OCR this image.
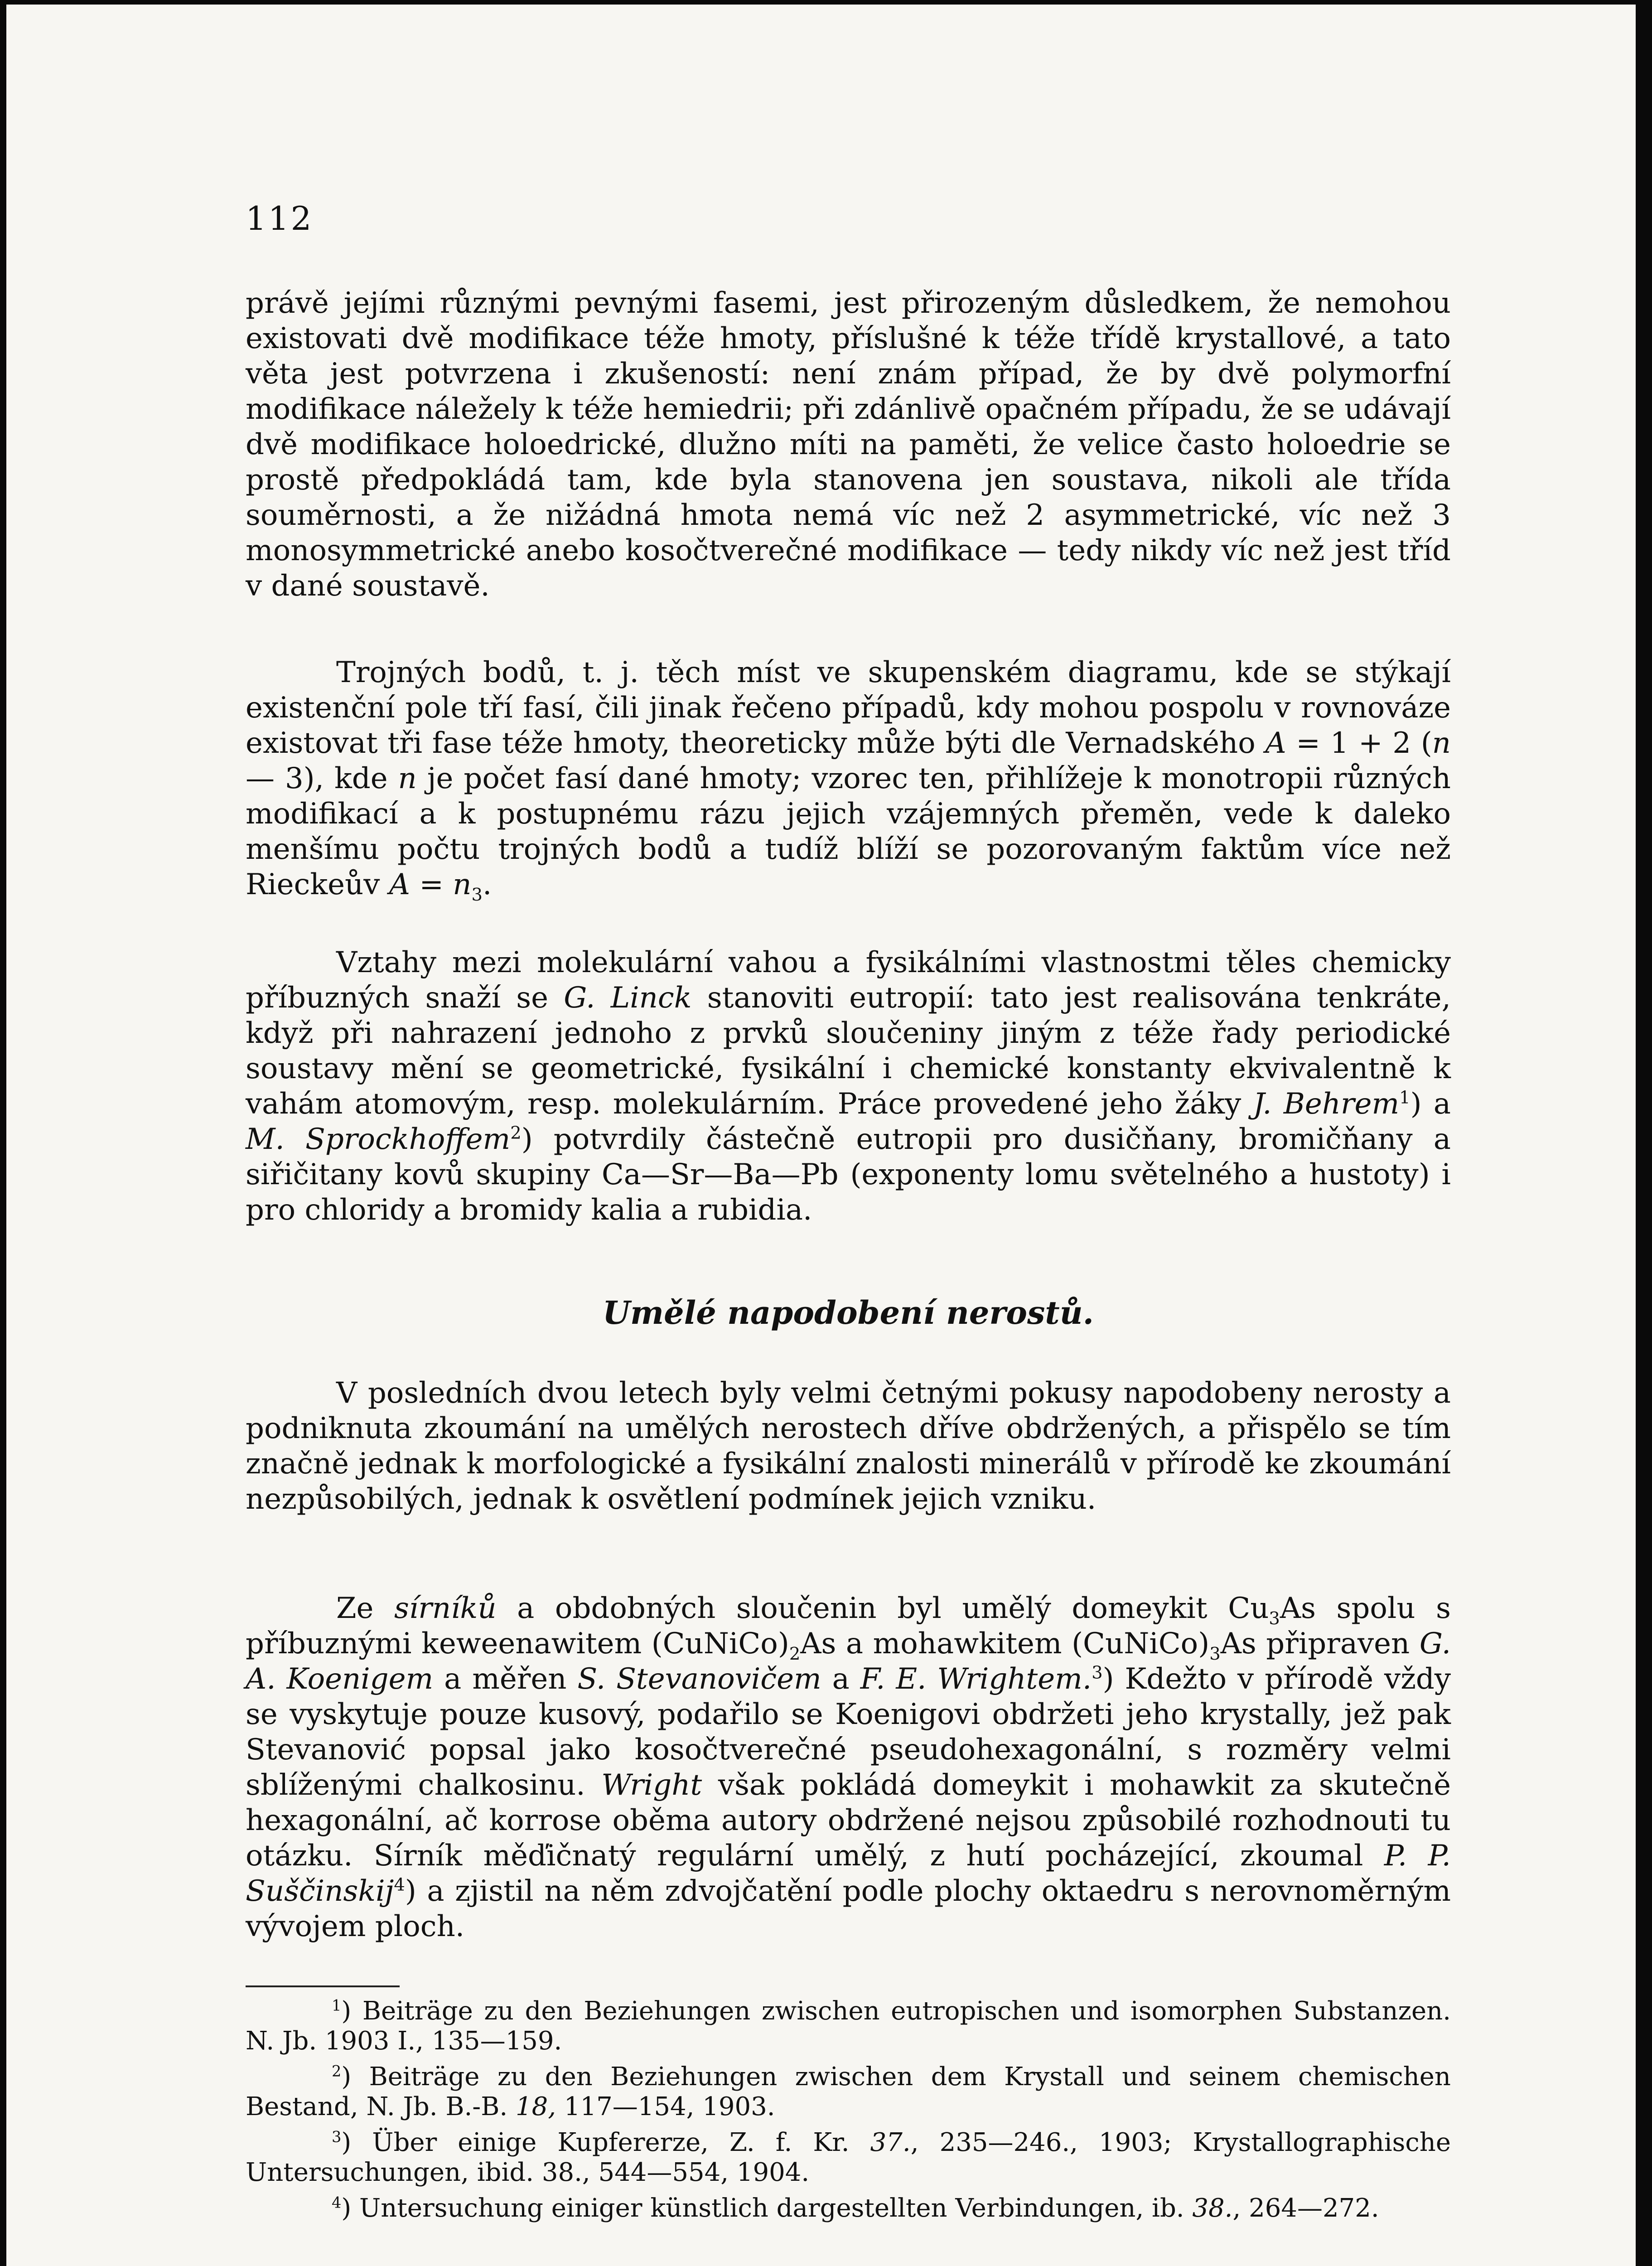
112

právě jejími různými pevnými fasemi, jest přirozeným důsledkem, že nemohou existovati dvě modifikace téže hmoty, příslušné k téže třídě krystallové, a tato věta jest potvrzena i zkušeností: není znám případ, že by dvě polymorfní modifikace náležely k téže hemiedrii; při zdánlivě opačném případu, že se udávají dvě modifikace holoedrické, dlužno míti na paměti, že velice často holoedrie se prostě předpokládá tam, kde byla stanovena jen soustava, nikoli ale třída souměrnosti, a že nižádná hmota nemá víc než 2 asymmetrické, víc než 3 monosymmetrické anebo kosočtverečné modifikace — tedy nikdy víc než jest tříd v dané soustavě.

Trojných bodů, t. j. těch míst ve skupenském diagramu, kde se stýkají existenční pole tří fasí, čili jinak řečeno případů, kdy mohou pospolu v rovnováze existovat tři fase téže hmoty, theoreticky může býti dle Vernadského A = 1 + 2 (n — 3), kde n je počet fasí dané hmoty; vzorec ten, přihlížeje k monotropii různých modifikací a k postupnému rázu jejich vzájemných přeměn, vede k daleko menšímu počtu trojných bodů a tudíž blíží se pozorovaným faktům více než Rieckeův $A = n_3$.

Vztahy mezi molekulární vahou a fysikálními vlastnostmi těles chemicky příbuzných snaží se G. Linck stanoviti eutropií: tato jest realisována tenkráte, když při nahrazení jednoho z prvků sloučeniny jiným z téže řady periodické soustavy mění se geometrické, fysikální i chemické konstanty ekvivalentně k vahám atomovým, resp. molekulárním. Práce provedené jeho žáky J. Behrem$^1$) a M. Sprockhoffem$^2$) potvrdily částečně eutropii pro dusičňany, bromičňany a siřičitany kovů skupiny Ca—Sr—Ba—Pb (exponenty lomu světelného a hustoty) i pro chloridy a bromidy kalia a rubidia.

Umělé napodobení nerostů.

V posledních dvou letech byly velmi četnými pokusy napodobeny nerosty a podniknuta zkoumání na umělých nerostech dříve obdržených, a přispělo se tím značně jednak k morfologické a fysikální znalosti minerálů v přírodě ke zkoumání nezpůsobilých, jednak k osvětlení podmínek jejich vzniku.

Ze sírníků a obdobných sloučenin byl umělý domeykit $Cu_3As$ spolu s příbuznými keweenawitem $(CuNiCo)_2As$ a mohawkitem $(CuNiCo)_3As$ připraven G. A. Koenigem a měřen S. Stevanovičem a F. E. Wrightem.$^3$) Kdežto v přírodě vždy se vyskytuje pouze kusový, podařilo se Koenigovi obdržeti jeho krystally, jež pak Stevanović popsal jako kosočtverečné pseudohexagonální, s rozměry velmi sblíženými chalkosinu. Wright však pokládá domeykit i mohawkit za skutečně hexagonální, ač korrose oběma autory obdržené nejsou způsobilé rozhodnouti tu otázku. Sírník měďičnatý regulární umělý, z hutí pocházející, zkoumal P. P. Suščinskij$^4$) a zjistil na něm zdvojčatění podle plochy oktaedru s nerovnoměrným vývojem ploch.

$^1$) Beiträge zu den Beziehungen zwischen eutropischen und isomorphen Substanzen. N. Jb. 1903 I., 135—159.

$^2$) Beiträge zu den Beziehungen zwischen dem Krystall und seinem chemischen Bestand, N. Jb. B.-B. 18, 117—154, 1903.

$^3$) Über einige Kupfererze, Z. f. Kr. 37., 235—246., 1903; Krystallographische Untersuchungen, ibid. 38., 544—554, 1904.

$^4$) Untersuchung einiger künstlich dargestellten Verbindungen, ib. 38., 264—272.
